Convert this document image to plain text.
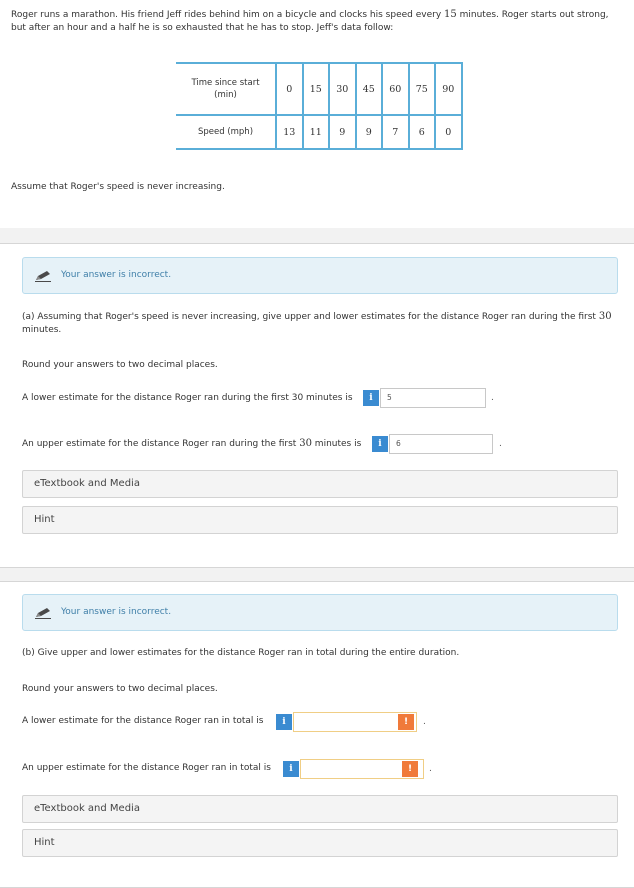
Roger runs a marathon. His friend Jeff rides behind him on a bicycle and clocks his speed every 15 minutes. Roger starts out strong, but after an hour and a half he is so exhausted that he has to stop. Jeff's data follow:
Time since start
(min)	0	15	30	45	60	75	90
Speed (mph)	13	11	9	9	7	6	0
Assume that Roger's speed is never increasing.
Your answer is incorrect.
(a) Assuming that Roger's speed is never increasing, give upper and lower estimates for the distance Roger ran during the first 30 minutes.
Round your answers to two decimal places.
A lower estimate for the distance Roger ran during the first 30 minutes is	i	5	.
An upper estimate for the distance Roger ran during the first 30 minutes is	i	6	.
eTextbook and Media
Hint
Your answer is incorrect.
(b) Give upper and lower estimates for the distance Roger ran in total during the entire duration.
Round your answers to two decimal places.
A lower estimate for the distance Roger ran in total is	i	!	.
An upper estimate for the distance Roger ran in total is	i	!	.
eTextbook and Media
Hint
